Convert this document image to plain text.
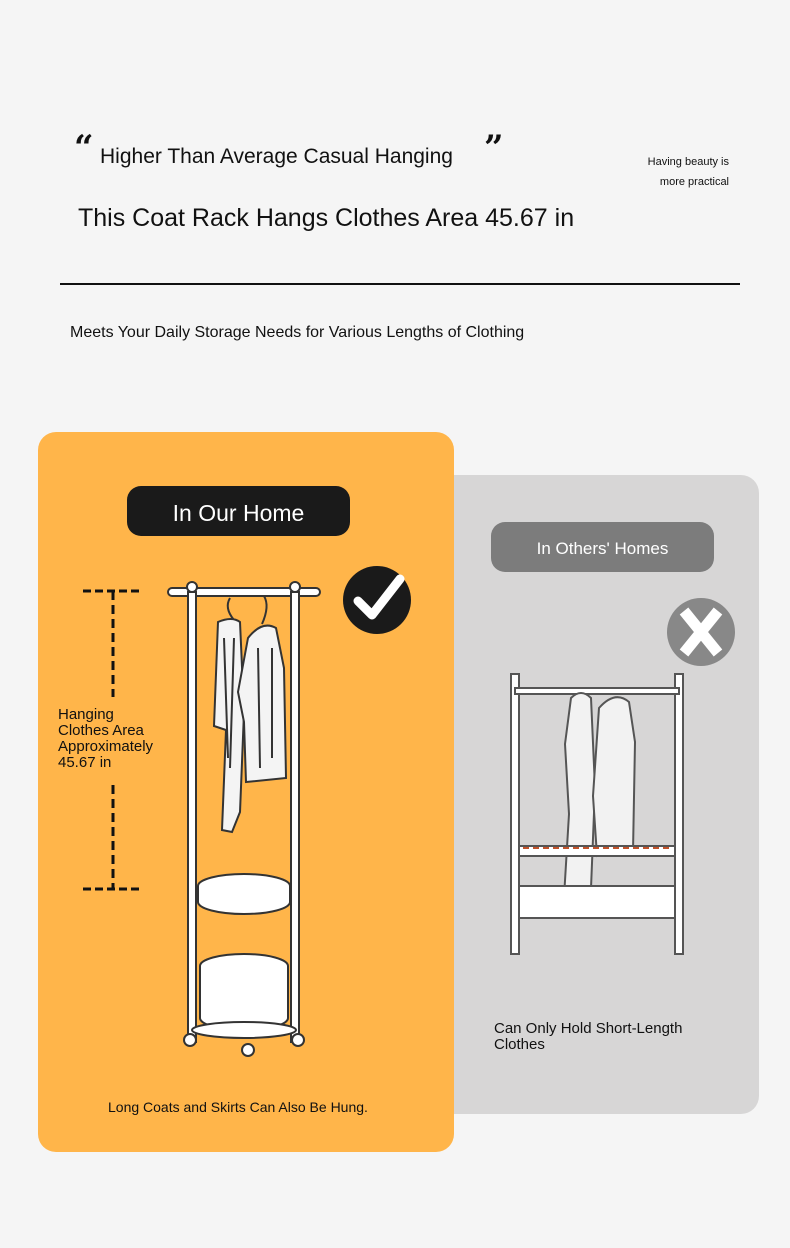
“	”
Higher Than Average Casual Hanging	Having beauty is
more practical
This Coat Rack Hangs Clothes Area 45.67 in
Meets Your Daily Storage Needs for Various Lengths of Clothing
In Our Home
In Others' Homes
Hanging
Clothes Area
Approximately
45.67 in
Long Coats and Skirts Can Also Be Hung.
Can Only Hold Short-Length Clothes
